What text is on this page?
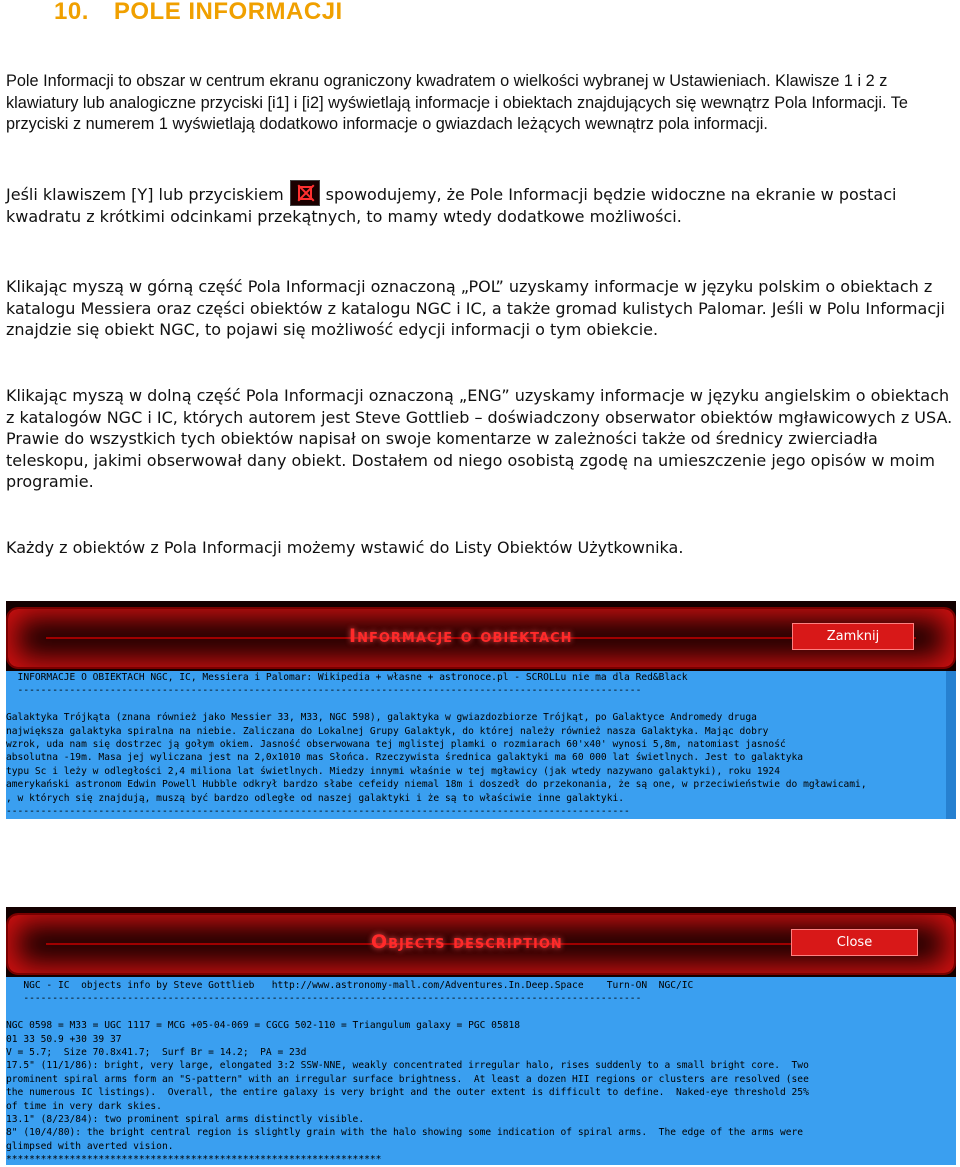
10. POLE INFORMACJI

Pole Informacji to obszar w centrum ekranu ograniczony kwadratem o wielkości wybranej w Ustawieniach. Klawisze 1 i 2 z klawiatury lub analogiczne przyciski [i1] i [i2] wyświetlają informacje i obiektach znajdujących się wewnątrz Pola Informacji. Te przyciski z numerem 1 wyświetlają dodatkowo informacje o gwiazdach leżących wewnątrz pola informacji.

Jeśli klawiszem [Y] lub przyciskiem	spowodujemy, że Pole Informacji będzie widoczne na ekranie w postaci kwadratu z krótkimi odcinkami przekątnych, to mamy wtedy dodatkowe możliwości.

Klikając myszą w górną część Pola Informacji oznaczoną „POL” uzyskamy informacje w języku polskim o obiektach z katalogu Messiera oraz części obiektów z katalogu NGC i IC, a także gromad kulistych Palomar. Jeśli w Polu Informacji znajdzie się obiekt NGC, to pojawi się możliwość edycji informacji o tym obiekcie.

Klikając myszą w dolną część Pola Informacji oznaczoną „ENG” uzyskamy informacje w języku angielskim o obiektach z katalogów NGC i IC, których autorem jest Steve Gottlieb – doświadczony obserwator obiektów mgławicowych z USA. Prawie do wszystkich tych obiektów napisał on swoje komentarze w zależności także od średnicy zwierciadła teleskopu, jakimi obserwował dany obiekt. Dostałem od niego osobistą zgodę na umieszczenie jego opisów w moim programie.

Każdy z obiektów z Pola Informacji możemy wstawić do Listy Obiektów Użytkownika.

Informacje o obiektach	Zamknij
INFORMACJE O OBIEKTACH NGC, IC, Messiera i Palomar: Wikipedia + własne + astronoce.pl - SCROLLu nie ma dla Red&Black
------------------------------------------------------------------------------------------------------------

Galaktyka Trójkąta (znana również jako Messier 33, M33, NGC 598), galaktyka w gwiazdozbiorze Trójkąt, po Galaktyce Andromedy druga
największa galaktyka spiralna na niebie. Zaliczana do Lokalnej Grupy Galaktyk, do której należy również nasza Galaktyka. Mając dobry
wzrok, uda nam się dostrzec ją gołym okiem. Jasność obserwowana tej mglistej plamki o rozmiarach 60'x40' wynosi 5,8m, natomiast jasność
absolutna -19m. Masa jej wyliczana jest na 2,0x1010 mas Słońca. Rzeczywista średnica galaktyki ma 60 000 lat świetlnych. Jest to galaktyka
typu Sc i leży w odległości 2,4 miliona lat świetlnych. Miedzy innymi właśnie w tej mgławicy (jak wtedy nazywano galaktyki), roku 1924
amerykański astronom Edwin Powell Hubble odkrył bardzo słabe cefeidy niemal 18m i doszedł do przekonania, że są one, w przeciwieństwie do mgławicami,
, w których się znajdują, muszą być bardzo odległe od naszej galaktyki i że są to właściwie inne galaktyki.
------------------------------------------------------------------------------------------------------------
Objects description	Close
NGC - IC  objects info by Steve Gottlieb   http://www.astronomy-mall.com/Adventures.In.Deep.Space    Turn-ON  NGC/IC
-----------------------------------------------------------------------------------------------------------

NGC 0598 = M33 = UGC 1117 = MCG +05-04-069 = CGCG 502-110 = Triangulum galaxy = PGC 05818
01 33 50.9 +30 39 37
V = 5.7;  Size 70.8x41.7;  Surf Br = 14.2;  PA = 23d
17.5" (11/1/86): bright, very large, elongated 3:2 SSW-NNE, weakly concentrated irregular halo, rises suddenly to a small bright core.  Two
prominent spiral arms form an "S-pattern" with an irregular surface brightness.  At least a dozen HII regions or clusters are resolved (see
the numerous IC listings).  Overall, the entire galaxy is very bright and the outer extent is difficult to define.  Naked-eye threshold 25%
of time in very dark skies.
13.1" (8/23/84): two prominent spiral arms distinctly visible.
8" (10/4/80): the bright central region is slightly grain with the halo showing some indication of spiral arms.  The edge of the arms were
glimpsed with averted vision.
*****************************************************************
